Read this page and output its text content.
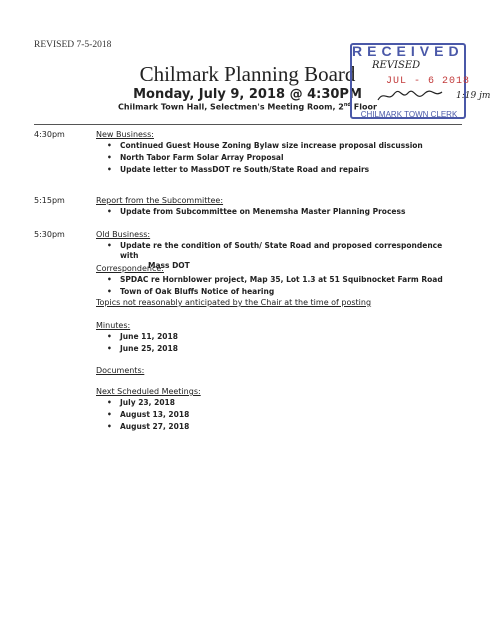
REVISED 7-5-2018
Chilmark Planning Board
Monday, July 9, 2018 @ 4:30PM
Chilmark Town Hall, Selectmen's Meeting Room, 2nd Floor
RECEIVED
REVISED
JUL - 6 2018
1:19 jm
CHILMARK TOWN CLERK
4:30pm	New Business:
• Continued Guest House Zoning Bylaw size increase proposal discussion
• North Tabor Farm Solar Array Proposal
• Update letter to MassDOT re South/State Road and repairs
5:15pm	Report from the Subcommittee:
• Update from Subcommittee on Menemsha Master Planning Process
5:30pm	Old Business:
• Update re the condition of South/ State Road and proposed correspondence with
Mass DOT
Correspondence:
• SPDAC re Hornblower project, Map 35, Lot 1.3 at 51 Squibnocket Farm Road
• Town of Oak Bluffs Notice of hearing
Topics not reasonably anticipated by the Chair at the time of posting
Minutes:
• June 11, 2018
• June 25, 2018
Documents:
Next Scheduled Meetings:
• July 23, 2018
• August 13, 2018
• August 27, 2018
